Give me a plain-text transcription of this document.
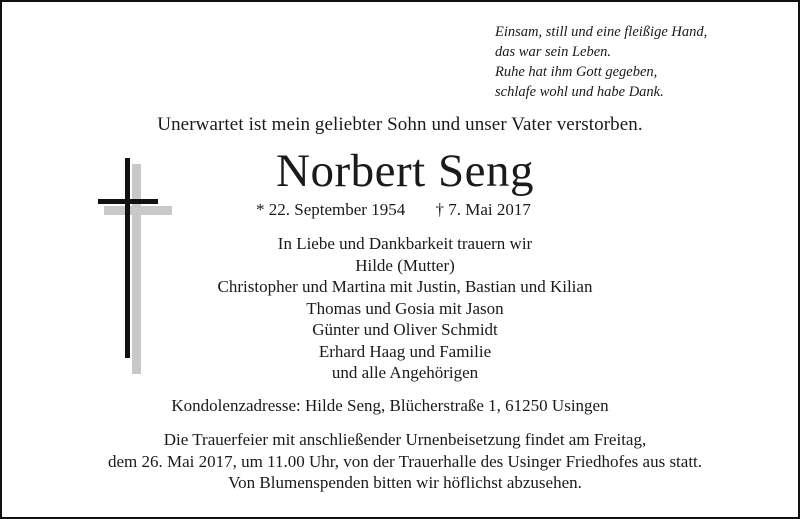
Einsam, still und eine fleißige Hand,
das war sein Leben.
Ruhe hat ihm Gott gegeben,
schlafe wohl und habe Dank.
Unerwartet ist mein geliebter Sohn und unser Vater verstorben.
Norbert Seng
* 22. September 1954 † 7. Mai 2017
In Liebe und Dankbarkeit trauern wir
Hilde (Mutter)
Christopher und Martina mit Justin, Bastian und Kilian
Thomas und Gosia mit Jason
Günter und Oliver Schmidt
Erhard Haag und Familie
und alle Angehörigen
Kondolenzadresse: Hilde Seng, Blücherstraße 1, 61250 Usingen
Die Trauerfeier mit anschließender Urnenbeisetzung findet am Freitag,
dem 26. Mai 2017, um 11.00 Uhr, von der Trauerhalle des Usinger Friedhofes aus statt.
Von Blumenspenden bitten wir höflichst abzusehen.
